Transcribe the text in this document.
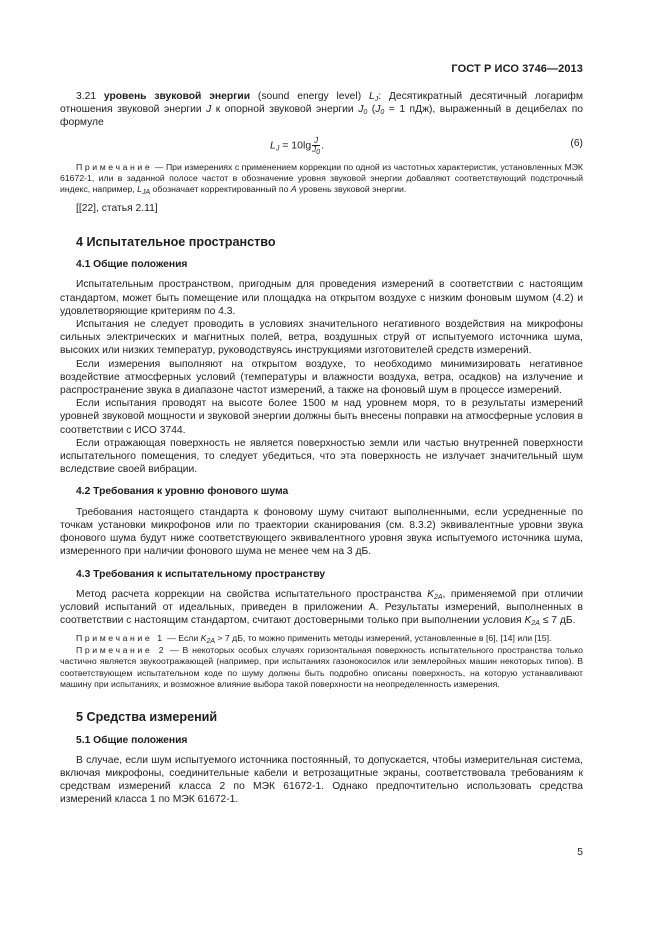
ГОСТ Р ИСО 3746—2013

3.21 уровень звуковой энергии (sound energy level) $L_J$: Десятикратный десятичный логарифм отношения звуковой энергии J к опорной звуковой энергии $J_0$ ($J_0 = 1$ пДж), выраженный в децибелах по формуле

$L_J = 10\lg \frac{J}{J_0}$ .	(6)

Примечание — При измерениях с применением коррекции по одной из частотных характеристик, установленных МЭК 61672-1, или в заданной полосе частот в обозначение уровня звуковой энергии добавляют соответствующий подстрочный индекс, например, $L_{JA}$ обозначает корректированный по A уровень звуковой энергии.

[[22], статья 2.11]

4 Испытательное пространство
4.1 Общие положения

Испытательным пространством, пригодным для проведения измерений в соответствии с настоящим стандартом, может быть помещение или площадка на открытом воздухе с низким фоновым шумом (4.2) и удовлетворяющие критериям по 4.3.

Испытания не следует проводить в условиях значительного негативного воздействия на микрофоны сильных электрических и магнитных полей, ветра, воздушных струй от испытуемого источника шума, высоких или низких температур, руководствуясь инструкциями изготовителей средств измерений.

Если измерения выполняют на открытом воздухе, то необходимо минимизировать негативное воздействие атмосферных условий (температуры и влажности воздуха, ветра, осадков) на излучение и распространение звука в диапазоне частот измерений, а также на фоновый шум в процессе измерений.

Если испытания проводят на высоте более 1500 м над уровнем моря, то в результаты измерений уровней звуковой мощности и звуковой энергии должны быть внесены поправки на атмосферные условия в соответствии с ИСО 3744.

Если отражающая поверхность не является поверхностью земли или частью внутренней поверхности испытательного помещения, то следует убедиться, что эта поверхность не излучает значительный шум вследствие своей вибрации.

4.2 Требования к уровню фонового шума

Требования настоящего стандарта к фоновому шуму считают выполненными, если усредненные по точкам установки микрофонов или по траектории сканирования (см. 8.3.2) эквивалентные уровни звука фонового шума будут ниже соответствующего эквивалентного уровня звука испытуемого источника шума, измеренного при наличии фонового шума не менее чем на 3 дБ.

4.3 Требования к испытательному пространству

Метод расчета коррекции на свойства испытательного пространства $K_{2A}$, применяемой при отличии условий испытаний от идеальных, приведен в приложении А. Результаты измерений, выполненных в соответствии с настоящим стандартом, считают достоверными только при выполнении условия $K_{2A} \le 7$ дБ.

Примечание 1 — Если $K_{2A} > 7$ дБ, то можно применить методы измерений, установленные в [6], [14] или [15].

Примечание 2 — В некоторых особых случаях горизонтальная поверхность испытательного пространства только частично является звукоотражающей (например, при испытаниях газонокосилок или землеройных машин некоторых типов). В соответствующем испытательном коде по шуму должны быть подробно описаны поверхность, на которую устанавливают машину при испытаниях, и возможное влияние выбора такой поверхности на неопределенность измерения.

5 Средства измерений
5.1 Общие положения

В случае, если шум испытуемого источника постоянный, то допускается, чтобы измерительная система, включая микрофоны, соединительные кабели и ветрозащитные экраны, соответствовала требованиям к средствам измерений класса 2 по МЭК 61672-1. Однако предпочтительно использовать средства измерений класса 1 по МЭК 61672-1.

5
